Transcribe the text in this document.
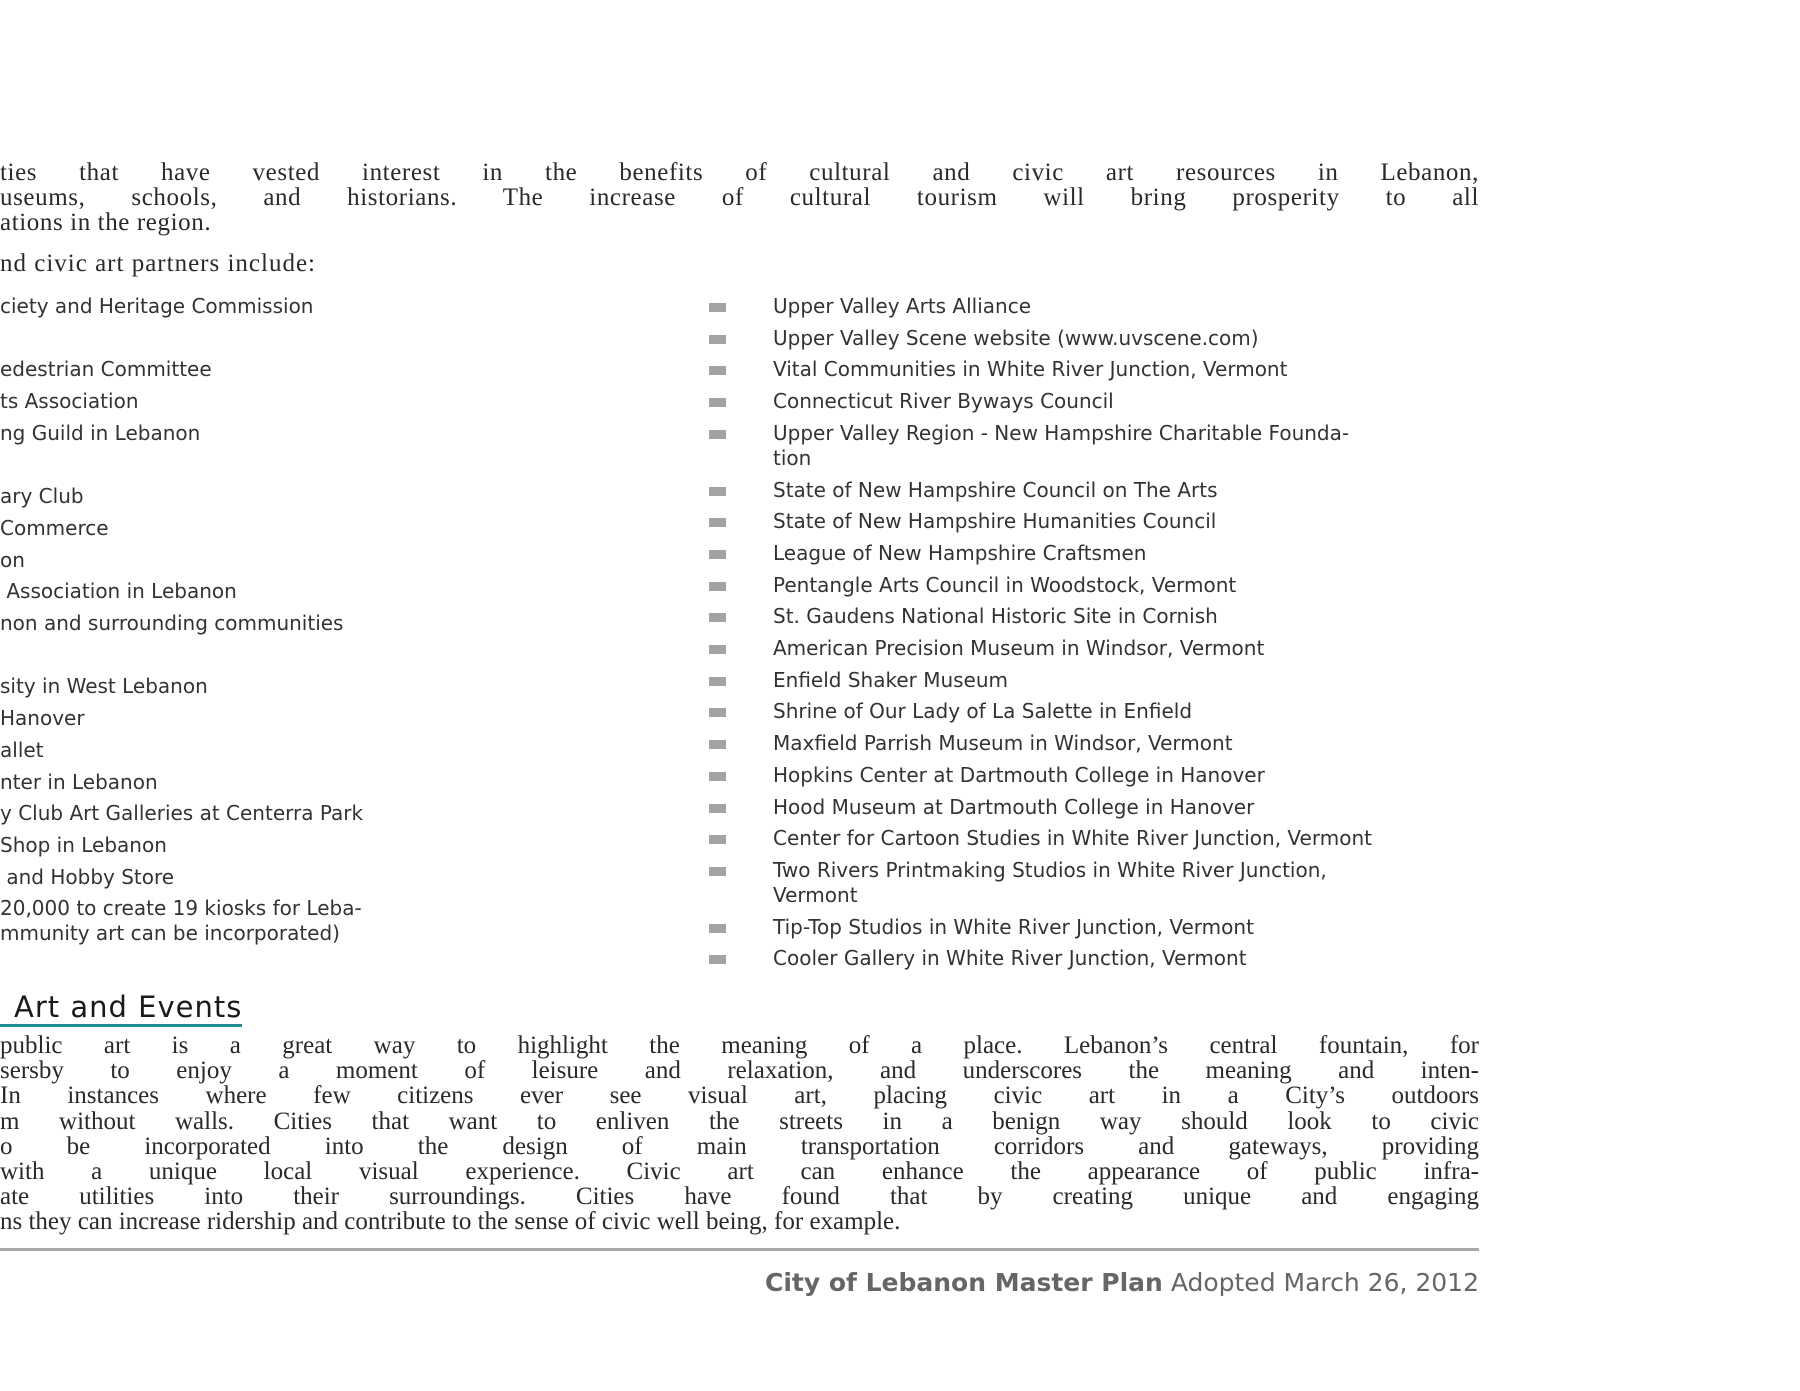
ties that have vested interest in the benefits of cultural and civic art resources in Lebanon,
useums, schools, and historians. The increase of cultural tourism will bring prosperity to all
ations in the region.
nd civic art partners include:
ciety and Heritage Commission
edestrian Committee
ts Association
ng Guild in Lebanon
ary Club
Commerce
on
Association in Lebanon
non and surrounding communities
sity in West Lebanon
Hanover
allet
nter in Lebanon
y Club Art Galleries at Centerra Park
Shop in Lebanon
and Hobby Store
20,000 to create 19 kiosks for Leba-
mmunity art can be incorporated)
Upper Valley Arts Alliance
Upper Valley Scene website (www.uvscene.com)
Vital Communities in White River Junction, Vermont
Connecticut River Byways Council
Upper Valley Region - New Hampshire Charitable Founda-
tion
State of New Hampshire Council on The Arts
State of New Hampshire Humanities Council
League of New Hampshire Craftsmen
Pentangle Arts Council in Woodstock, Vermont
St. Gaudens National Historic Site in Cornish
American Precision Museum in Windsor, Vermont
Enfield Shaker Museum
Shrine of Our Lady of La Salette in Enfield
Maxfield Parrish Museum in Windsor, Vermont
Hopkins Center at Dartmouth College in Hanover
Hood Museum at Dartmouth College in Hanover
Center for Cartoon Studies in White River Junction, Vermont
Two Rivers Printmaking Studios in White River Junction,
Vermont
Tip-Top Studios in White River Junction, Vermont
Cooler Gallery in White River Junction, Vermont
Art and Events
public art is a great way to highlight the meaning of a place. Lebanon’s central fountain, for
sersby to enjoy a moment of leisure and relaxation, and underscores the meaning and inten-
In instances where few citizens ever see visual art, placing civic art in a City’s outdoors
m without walls. Cities that want to enliven the streets in a benign way should look to civic
o be incorporated into the design of main transportation corridors and gateways, providing
with a unique local visual experience. Civic art can enhance the appearance of public infra-
ate utilities into their surroundings. Cities have found that by creating unique and engaging
ns they can increase ridership and contribute to the sense of civic well being, for example.
City of Lebanon Master Plan Adopted March 26, 2012
